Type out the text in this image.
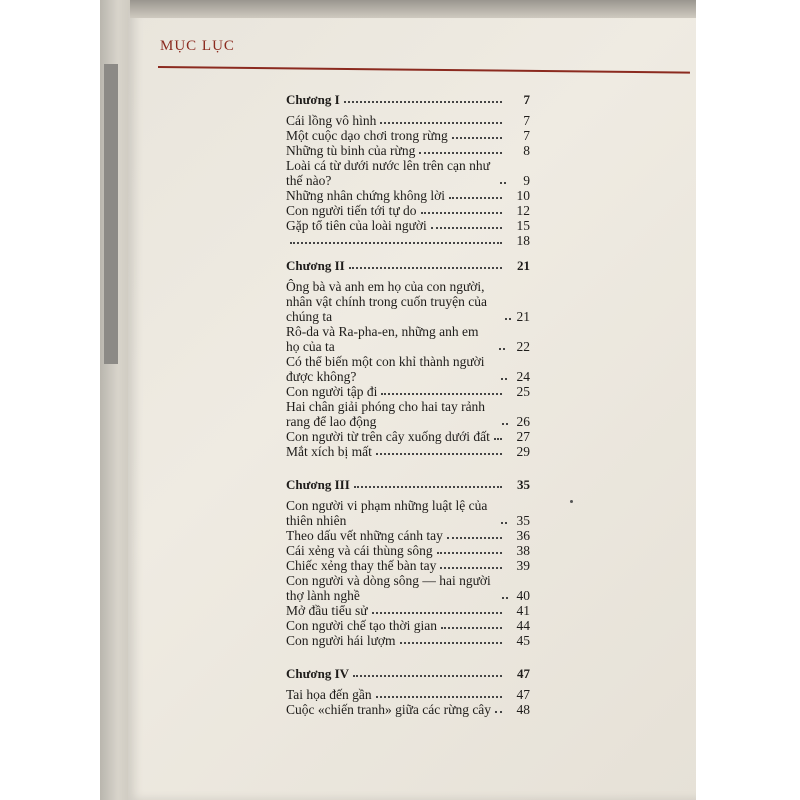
MỤC LỤC
Chương I	7
Cái lồng vô hình	7
Một cuộc dạo chơi trong rừng	7
Những tù binh của rừng	8
Loài cá từ dưới nước lên trên cạn như thế nào?	9
Những nhân chứng không lời	10
Con người tiến tới tự do	12
Gặp tổ tiên của loài người	15
18
Chương II	21
Ông bà và anh em họ của con người, nhân vật chính trong cuốn truyện của chúng ta	21
Rô-da và Ra-pha-en, những anh em họ của ta	22
Có thể biến một con khỉ thành người được không?	24
Con người tập đi	25
Hai chân giải phóng cho hai tay rảnh rang để lao động	26
Con người từ trên cây xuống dưới đất	27
Mắt xích bị mất	29
Chương III	35
Con người vi phạm những luật lệ của thiên nhiên	35
Theo dấu vết những cánh tay	36
Cái xẻng và cái thùng sông	38
Chiếc xẻng thay thế bàn tay	39
Con người và dòng sông — hai người thợ lành nghề	40
Mở đầu tiểu sử	41
Con người chế tạo thời gian	44
Con người hái lượm	45
Chương IV	47
Tai họa đến gần	47
Cuộc «chiến tranh» giữa các rừng cây	48
